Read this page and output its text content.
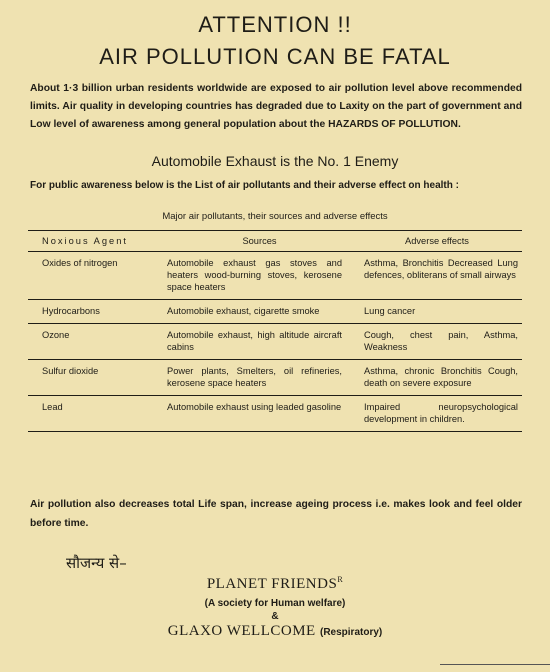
ATTENTION !!
AIR POLLUTION CAN BE FATAL
About 1·3 billion urban residents worldwide are exposed to air pollution level above recommended limits. Air quality in developing countries has degraded due to Laxity on the part of government and Low level of awareness among general population about the HAZARDS OF POLLUTION.
Automobile Exhaust is the No. 1 Enemy
For public awareness below is the List of air pollutants and their adverse effect on health :
Major air pollutants, their sources and adverse effects
Noxious Agent	Sources	Adverse effects
Oxides of nitrogen	Automobile exhaust gas stoves and heaters wood-burning stoves, kerosene space heaters	Asthma, Bronchitis Decreased Lung defences, obliterans of small airways
Hydrocarbons	Automobile exhaust, cigarette smoke	Lung cancer
Ozone	Automobile exhaust, high altitude aircraft cabins	Cough, chest pain, Asthma, Weakness
Sulfur dioxide	Power plants, Smelters, oil refineries, kerosene space heaters	Asthma, chronic Bronchitis Cough, death on severe exposure
Lead	Automobile exhaust using leaded gasoline	Impaired neuropsychological development in children.
Air pollution also decreases total Life span, increase ageing process i.e. makes look and feel older before time.
सौजन्य से–
PLANET $FRIENDS^R$
(A society for Human welfare)
&
GLAXO WELLCOME (Respiratory)
